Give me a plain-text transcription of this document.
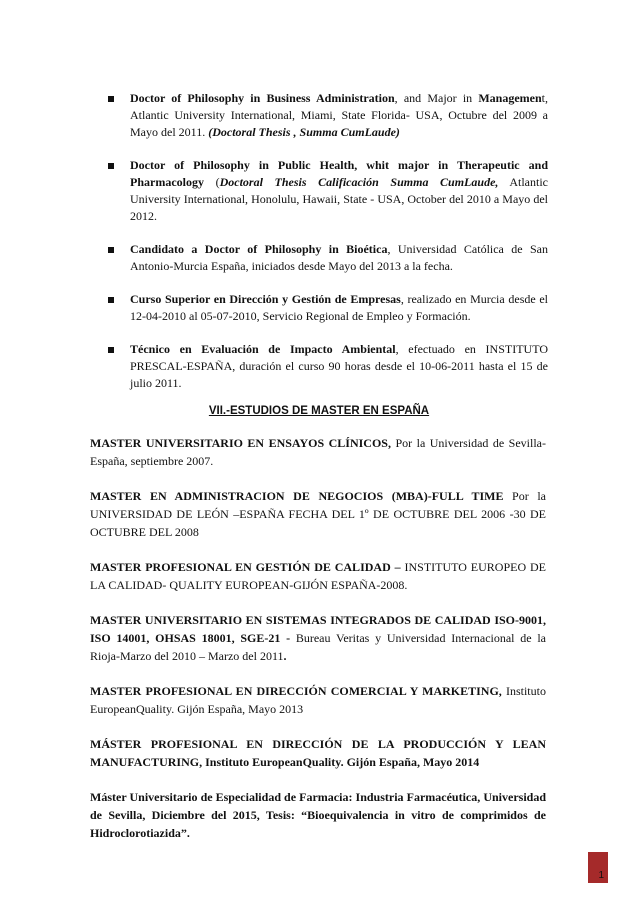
Doctor of Philosophy in Business Administration, and Major in Management, Atlantic University International, Miami, State Florida- USA, Octubre del 2009 a Mayo del 2011. (Doctoral Thesis , Summa CumLaude)
Doctor of Philosophy in Public Health, whit major in Therapeutic and Pharmacology (Doctoral Thesis Calificación Summa CumLaude, Atlantic University International, Honolulu, Hawaii, State - USA, October del 2010 a Mayo del 2012.
Candidato a Doctor of Philosophy in Bioética, Universidad Católica de San Antonio-Murcia España, iniciados desde Mayo del 2013 a la fecha.
Curso Superior en Dirección y Gestión de Empresas, realizado en Murcia desde el 12-04-2010 al 05-07-2010, Servicio Regional de Empleo y Formación.
Técnico en Evaluación de Impacto Ambiental, efectuado en INSTITUTO PRESCAL-ESPAÑA, duración el curso 90 horas desde el 10-06-2011 hasta el 15 de julio 2011.
VII.-ESTUDIOS DE MASTER EN ESPAÑA

MASTER UNIVERSITARIO EN ENSAYOS CLÍNICOS, Por la Universidad de Sevilla-España, septiembre 2007.

MASTER EN ADMINISTRACION DE NEGOCIOS (MBA)-FULL TIME Por la UNIVERSIDAD DE LEÓN –ESPAÑA FECHA DEL 1º DE OCTUBRE DEL 2006 -30 DE OCTUBRE DEL 2008

MASTER PROFESIONAL EN GESTIÓN DE CALIDAD – INSTITUTO EUROPEO DE LA CALIDAD- QUALITY EUROPEAN-GIJÓN ESPAÑA-2008.

MASTER UNIVERSITARIO EN SISTEMAS INTEGRADOS DE CALIDAD ISO-9001, ISO 14001, OHSAS 18001, SGE-21 - Bureau Veritas y Universidad Internacional de la Rioja-Marzo del 2010 – Marzo del 2011.

MASTER PROFESIONAL EN DIRECCIÓN COMERCIAL Y MARKETING, Instituto EuropeanQuality. Gijón España, Mayo 2013

MÁSTER PROFESIONAL EN DIRECCIÓN DE LA PRODUCCIÓN Y LEAN MANUFACTURING, Instituto EuropeanQuality. Gijón España, Mayo 2014

Máster Universitario de Especialidad de Farmacia: Industria Farmacéutica, Universidad de Sevilla, Diciembre del 2015, Tesis: “Bioequivalencia in vitro de comprimidos de Hidroclorotiazida”.

1
